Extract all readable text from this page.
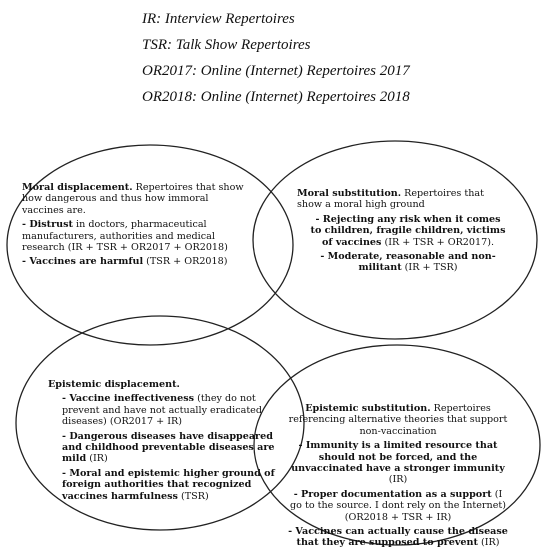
IR: Interview Repertoires
TSR: Talk Show Repertoires
OR2017: Online (Internet) Repertoires 2017
OR2018: Online (Internet) Repertoires 2018
Moral displacement. Repertoires that show how dangerous and thus how immoral vaccines are.
- Distrust in doctors, pharmaceutical manufacturers, authorities and medical research (IR + TSR + OR2017 + OR2018)
- Vaccines are harmful (TSR + OR2018)
Moral substitution. Repertoires that show a moral high ground
- Rejecting any risk when it comes to children, fragile children, victims of vaccines (IR + TSR + OR2017).
- Moderate, reasonable and non-militant (IR + TSR)
Epistemic displacement.
- Vaccine ineffectiveness (they do not prevent and have not actually eradicated diseases) (OR2017 + IR)
- Dangerous diseases have disappeared and childhood preventable diseases are mild (IR)
- Moral and epistemic higher ground of foreign authorities that recognized vaccines harmfulness (TSR)
Epistemic substitution. Repertoires referencing alternative theories that support non-vaccination
- Immunity is a limited resource that should not be forced, and the unvaccinated have a stronger immunity (IR)
- Proper documentation as a support (I go to the source. I dont rely on the Internet) (OR2018 + TSR + IR)
- Vaccines can actually cause the disease that they are supposed to prevent (IR)
